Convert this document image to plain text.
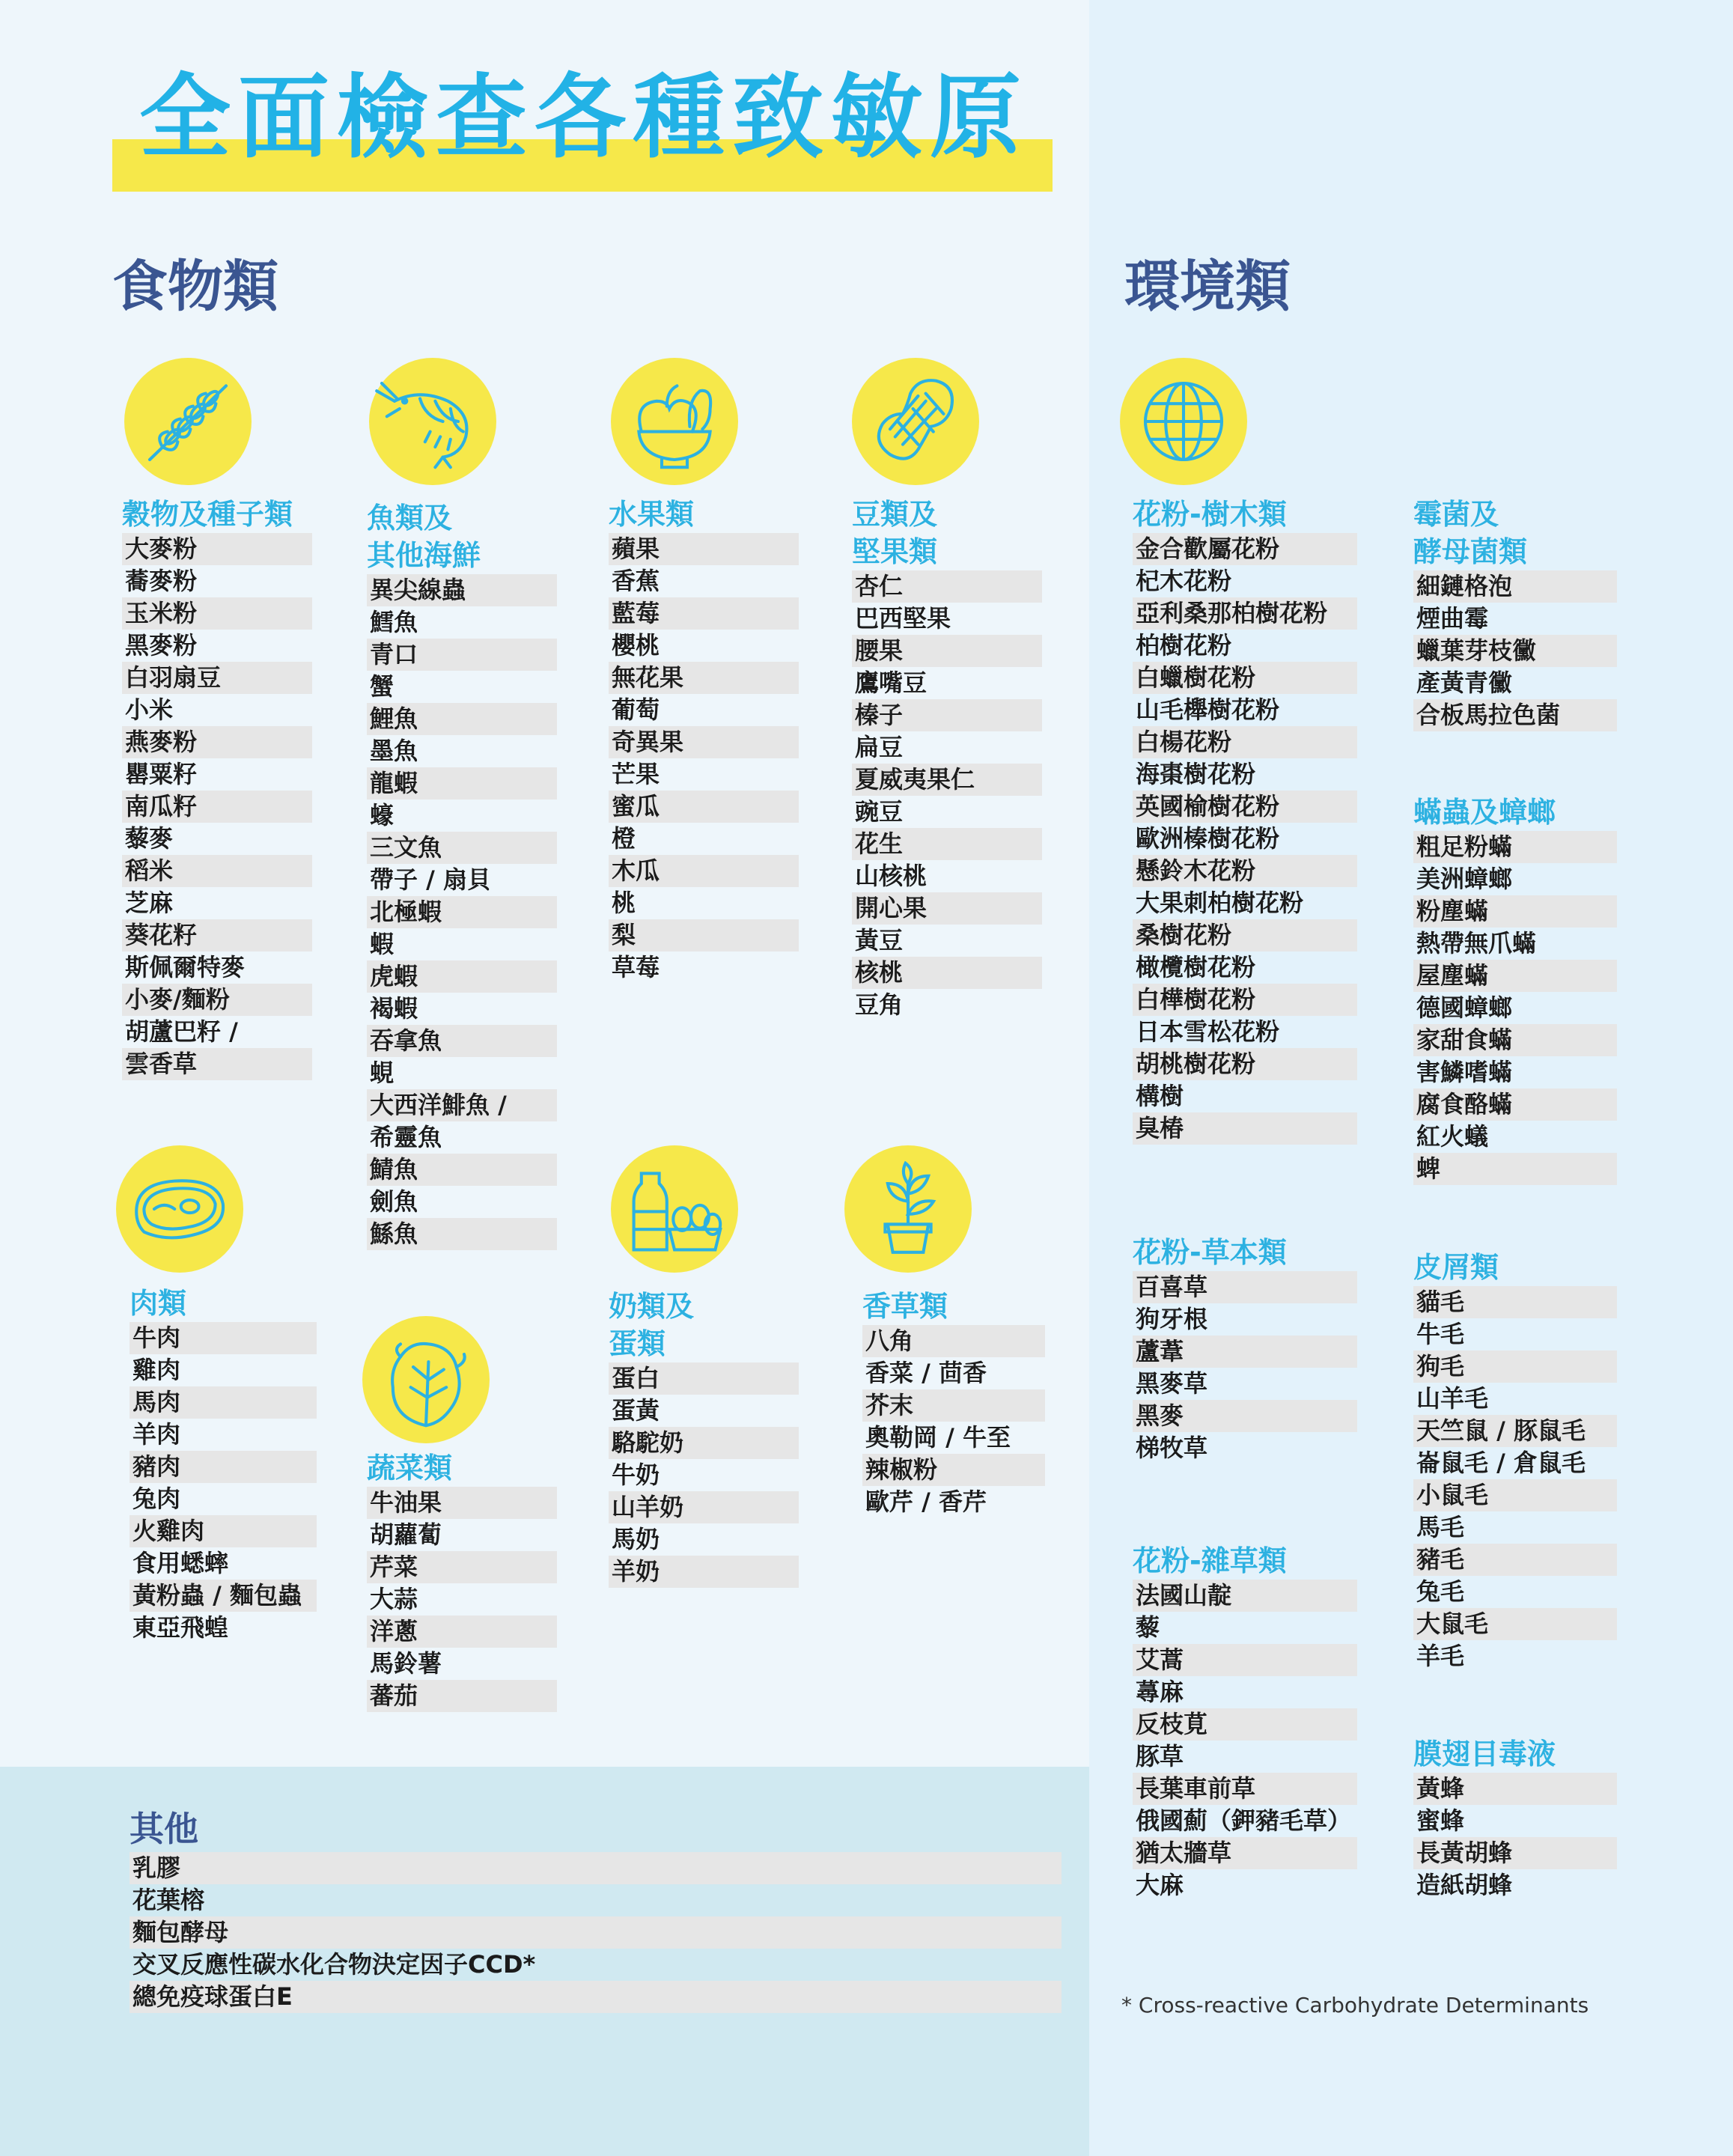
全面檢查各種致敏原
食物類	環境類
穀物及種子類
大麥粉
蕎麥粉
玉米粉
黑麥粉
白羽扇豆
小米
燕麥粉
罌粟籽
南瓜籽
藜麥
稻米
芝麻
葵花籽
斯佩爾特麥
小麥/麵粉
胡蘆巴籽 /
雲香草
魚類及
其他海鮮
異尖線蟲
鱈魚
青口
蟹
鯉魚
墨魚
龍蝦
蠔
三文魚
帶子 / 扇貝
北極蝦
蝦
虎蝦
褐蝦
吞拿魚
蜆
大西洋鯡魚 /
希靈魚
鯖魚
劍魚
鯀魚
水果類
蘋果
香蕉
藍莓
櫻桃
無花果
葡萄
奇異果
芒果
蜜瓜
橙
木瓜
桃
梨
草莓
豆類及
堅果類
杏仁
巴西堅果
腰果
鷹嘴豆
榛子
扁豆
夏威夷果仁
豌豆
花生
山核桃
開心果
黃豆
核桃
豆角
肉類
牛肉
雞肉
馬肉
羊肉
豬肉
兔肉
火雞肉
食用蟋蟀
黃粉蟲 / 麵包蟲
東亞飛蝗
蔬菜類
牛油果
胡蘿蔔
芹菜
大蒜
洋蔥
馬鈴薯
蕃茄
奶類及
蛋類
蛋白
蛋黃
駱駝奶
牛奶
山羊奶
馬奶
羊奶
香草類
八角
香菜 / 茴香
芥末
奧勒岡 / 牛至
辣椒粉
歐芹 / 香芹
花粉-樹木類
金合歡屬花粉
杞木花粉
亞利桑那柏樹花粉
柏樹花粉
白蠟樹花粉
山毛櫸樹花粉
白楊花粉
海棗樹花粉
英國榆樹花粉
歐洲榛樹花粉
懸鈴木花粉
大果刺柏樹花粉
桑樹花粉
橄欖樹花粉
白樺樹花粉
日本雪松花粉
胡桃樹花粉
構樹
臭椿
霉菌及
酵母菌類
細鏈格泡
煙曲霉
蠟葉芽枝黴
產黃青黴
合板馬拉色菌
蟎蟲及蟑螂
粗足粉蟎
美洲蟑螂
粉塵蟎
熱帶無爪蟎
屋塵蟎
德國蟑螂
家甜食蟎
害鱗嗜蟎
腐食酪蟎
紅火蟻
蜱
花粉-草本類
百喜草
狗牙根
蘆葦
黑麥草
黑麥
梯牧草
皮屑類
貓毛
牛毛
狗毛
山羊毛
天竺鼠 / 豚鼠毛
崙鼠毛 / 倉鼠毛
小鼠毛
馬毛
豬毛
兔毛
大鼠毛
羊毛
花粉-雜草類
法國山靛
藜
艾蒿
蕁麻
反枝莧
豚草
長葉車前草
俄國薊（鉀豬毛草）
猶太牆草
大麻
膜翅目毒液
黃蜂
蜜蜂
長黃胡蜂
造紙胡蜂
其他
乳膠
花葉榕
麵包酵母
交叉反應性碳水化合物決定因子CCD*
總免疫球蛋白E	* Cross-reactive Carbohydrate Determinants
